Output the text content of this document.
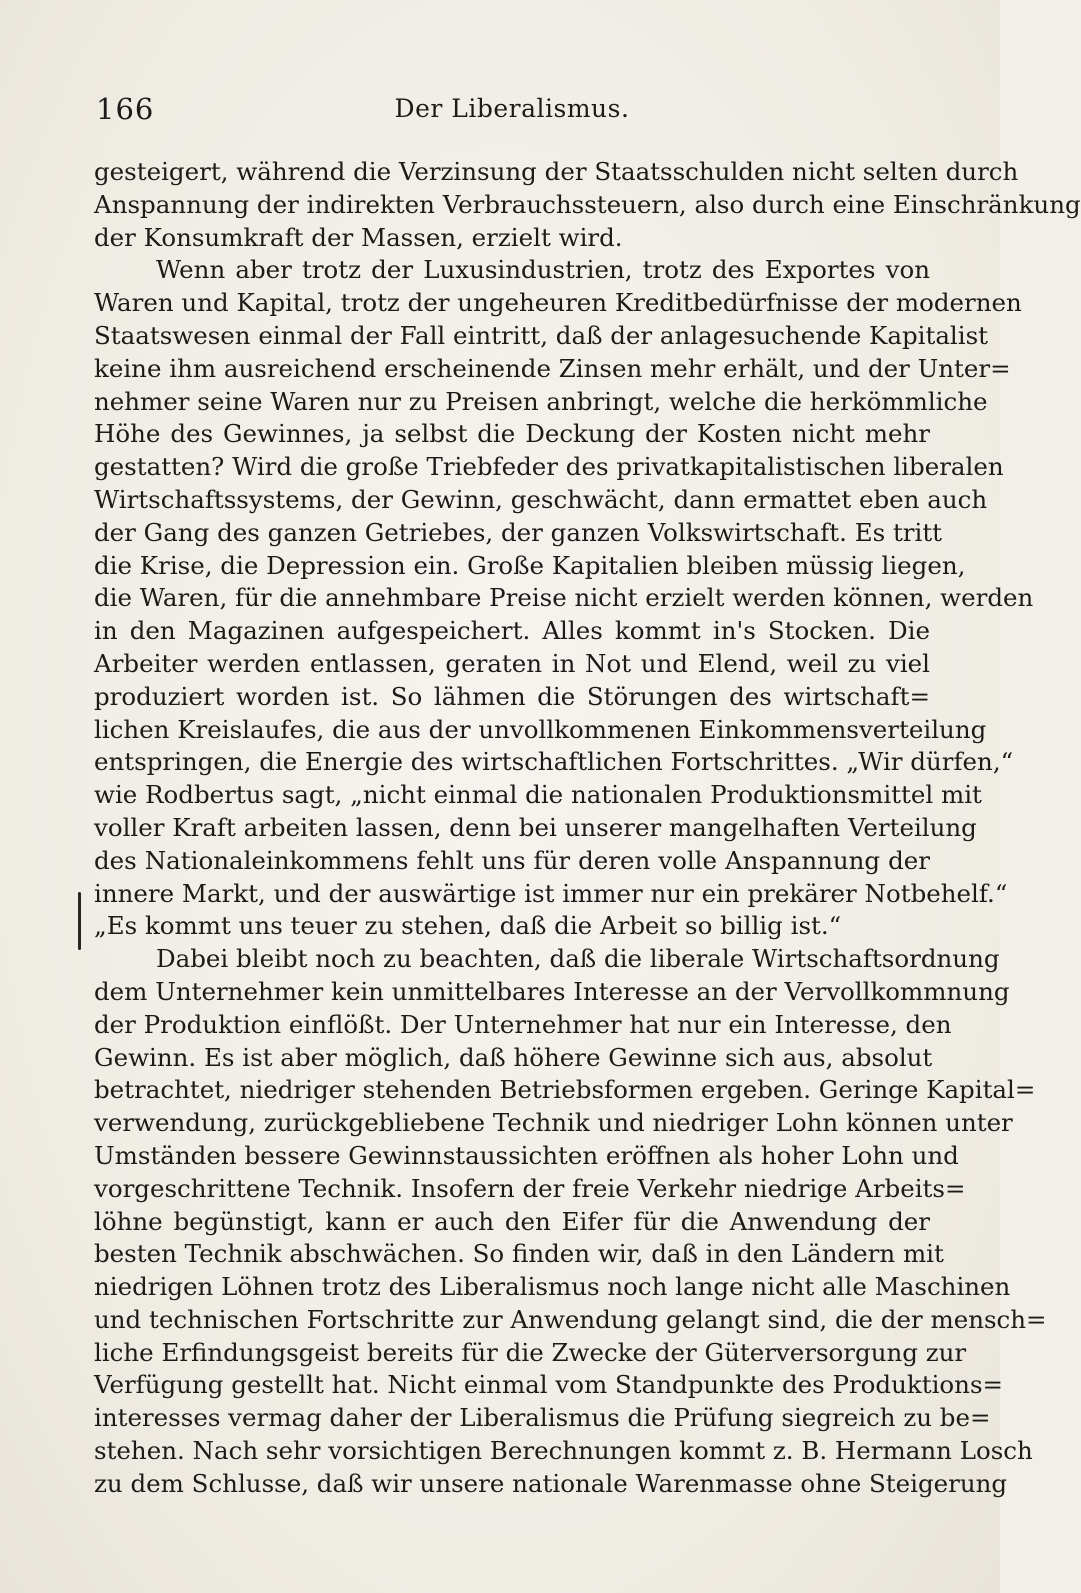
166	Der Liberalismus.
gesteigert, während die Verzinsung der Staatsschulden nicht selten durch
Anspannung der indirekten Verbrauchssteuern, also durch eine Einschränkung
der Konsumkraft der Massen, erzielt wird.
Wenn aber trotz der Luxusindustrien, trotz des Exportes von
Waren und Kapital, trotz der ungeheuren Kreditbedürfnisse der modernen
Staatswesen einmal der Fall eintritt, daß der anlagesuchende Kapitalist
keine ihm ausreichend erscheinende Zinsen mehr erhält, und der Unter=
nehmer seine Waren nur zu Preisen anbringt, welche die herkömmliche
Höhe des Gewinnes, ja selbst die Deckung der Kosten nicht mehr
gestatten? Wird die große Triebfeder des privatkapitalistischen liberalen
Wirtschaftssystems, der Gewinn, geschwächt, dann ermattet eben auch
der Gang des ganzen Getriebes, der ganzen Volkswirtschaft. Es tritt
die Krise, die Depression ein. Große Kapitalien bleiben müssig liegen,
die Waren, für die annehmbare Preise nicht erzielt werden können, werden
in den Magazinen aufgespeichert. Alles kommt in's Stocken. Die
Arbeiter werden entlassen, geraten in Not und Elend, weil zu viel
produziert worden ist. So lähmen die Störungen des wirtschaft=
lichen Kreislaufes, die aus der unvollkommenen Einkommensverteilung
entspringen, die Energie des wirtschaftlichen Fortschrittes. „Wir dürfen,“
wie Rodbertus sagt, „nicht einmal die nationalen Produktionsmittel mit
voller Kraft arbeiten lassen, denn bei unserer mangelhaften Verteilung
des Nationaleinkommens fehlt uns für deren volle Anspannung der
innere Markt, und der auswärtige ist immer nur ein prekärer Notbehelf.“
„Es kommt uns teuer zu stehen, daß die Arbeit so billig ist.“
Dabei bleibt noch zu beachten, daß die liberale Wirtschaftsordnung
dem Unternehmer kein unmittelbares Interesse an der Vervollkommnung
der Produktion einflößt. Der Unternehmer hat nur ein Interesse, den
Gewinn. Es ist aber möglich, daß höhere Gewinne sich aus, absolut
betrachtet, niedriger stehenden Betriebsformen ergeben. Geringe Kapital=
verwendung, zurückgebliebene Technik und niedriger Lohn können unter
Umständen bessere Gewinnstaussichten eröffnen als hoher Lohn und
vorgeschrittene Technik. Insofern der freie Verkehr niedrige Arbeits=
löhne begünstigt, kann er auch den Eifer für die Anwendung der
besten Technik abschwächen. So finden wir, daß in den Ländern mit
niedrigen Löhnen trotz des Liberalismus noch lange nicht alle Maschinen
und technischen Fortschritte zur Anwendung gelangt sind, die der mensch=
liche Erfindungsgeist bereits für die Zwecke der Güterversorgung zur
Verfügung gestellt hat. Nicht einmal vom Standpunkte des Produktions=
interesses vermag daher der Liberalismus die Prüfung siegreich zu be=
stehen. Nach sehr vorsichtigen Berechnungen kommt z. B. Hermann Losch
zu dem Schlusse, daß wir unsere nationale Warenmasse ohne Steigerung
